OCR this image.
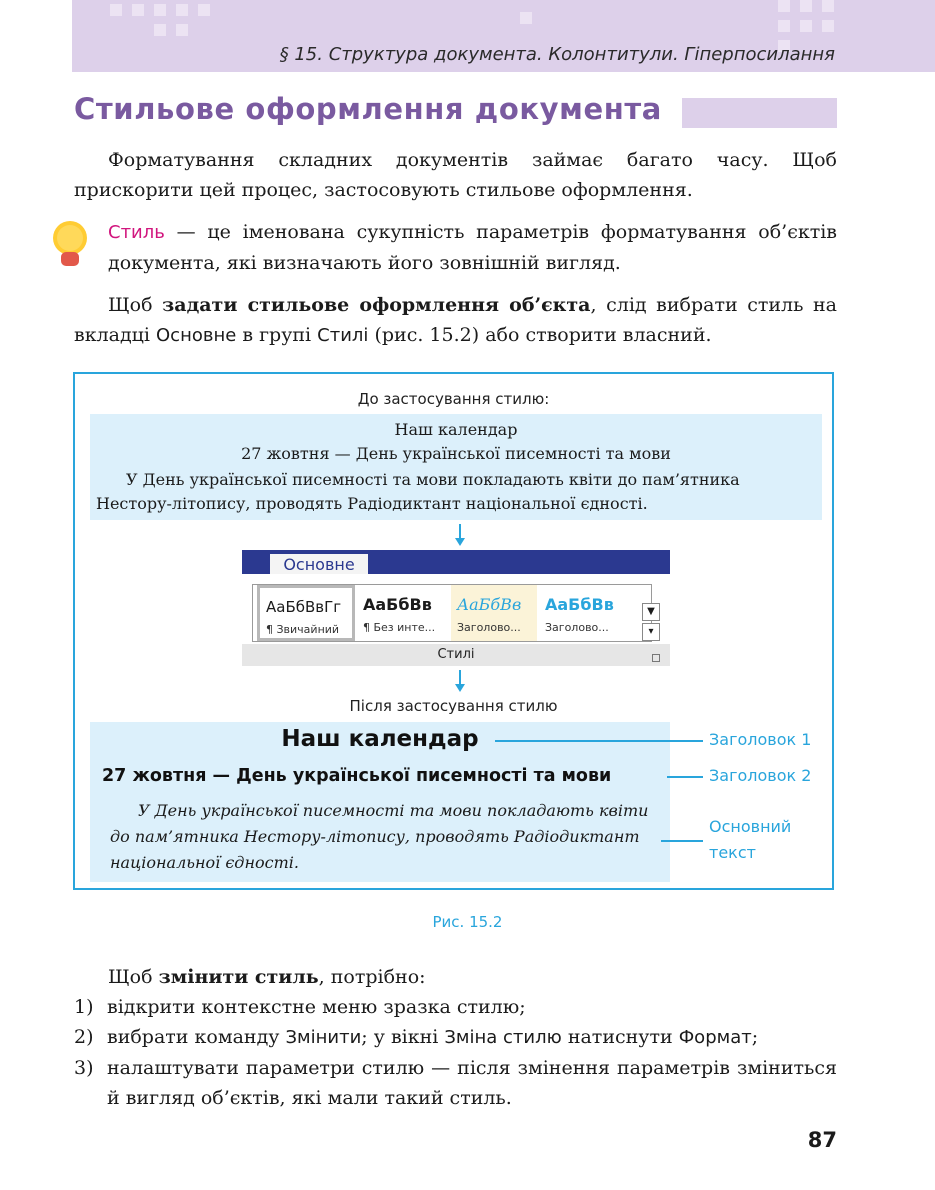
§ 15. Структура документа. Колонтитули. Гіперпосилання
Стильове оформлення документа
Форматування складних документів займає багато часу. Щоб прискорити цей процес, застосовують стильове оформлення.
Стиль — це іменована сукупність параметрів форматування об’єктів документа, які визначають його зовнішній вигляд.
Щоб задати стильове оформлення об’єкта, слід вибрати стиль на вкладці Основне в групі Стилі (рис. 15.2) або створити власний.
До застосування стилю:
Наш календар
27 жовтня — День української писемності та мови
У День української писемності та мови покладають квіти до пам’ятника
Нестору-літопису, проводять Радіодиктант національної єдності.
Основне
АаБбВвГг
¶ Звичайний
АаБбВв
¶ Без инте...
АаБбВв
Заголово...
АаБбВв
Заголово...
▼
▾
Стилі
Після застосування стилю
Наш календар
27 жовтня — День української писемності та мови
У День української писемності та мови покладають квіти до пам’ятника Нестору-літопису, проводять Радіодиктант національної єдності.
Заголовок 1
Заголовок 2
Основний
текст
Рис. 15.2
Щоб змінити стиль, потрібно:
1) відкрити контекстне меню зразка стилю;
2) вибрати команду Змінити; у вікні Зміна стилю натиснути Формат;
3) налаштувати параметри стилю — після змінення параметрів зміниться й вигляд об’єктів, які мали такий стиль.
87
